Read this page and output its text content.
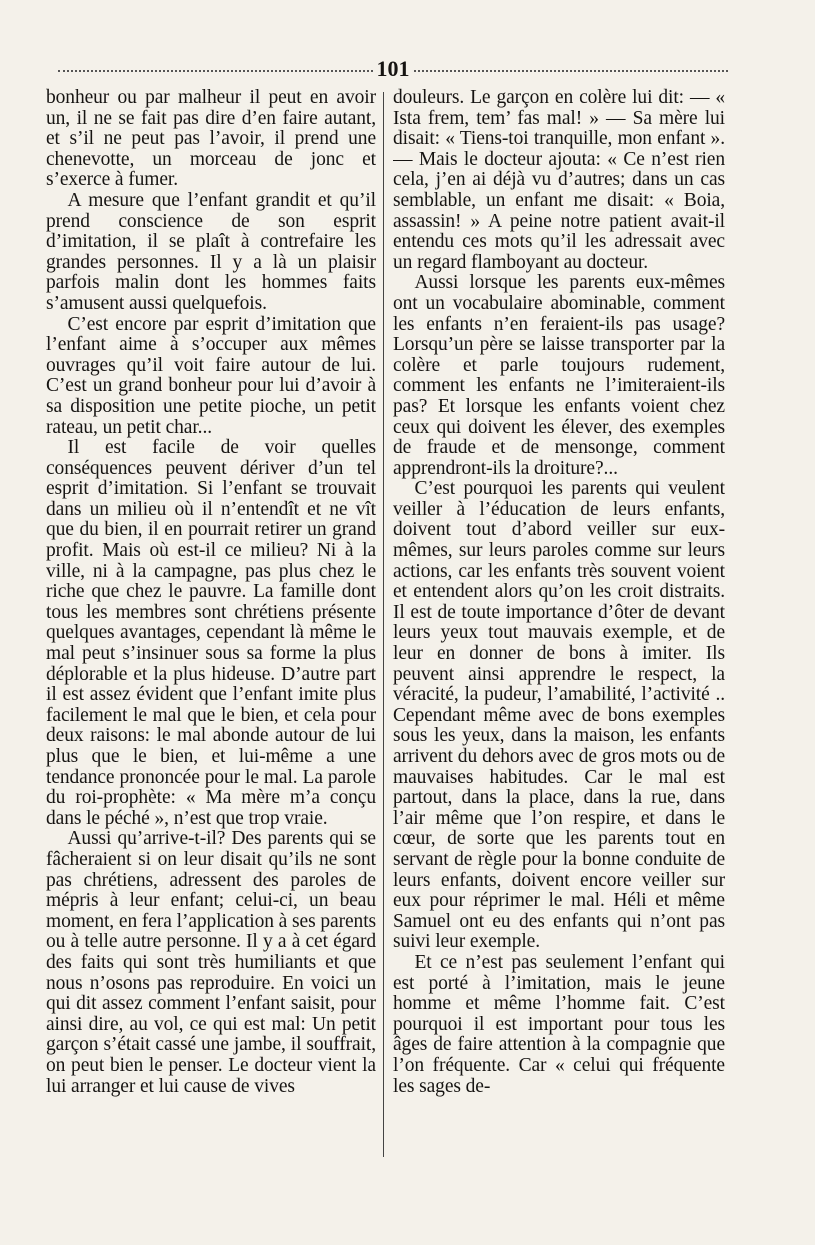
101

bonheur ou par malheur il peut en avoir un, il ne se fait pas dire d’en faire autant, et s’il ne peut pas l’avoir, il prend une chenevotte, un morceau de jonc et s’exerce à fumer.

A mesure que l’enfant grandit et qu’il prend conscience de son esprit d’imitation, il se plaît à contrefaire les grandes personnes. Il y a là un plaisir parfois malin dont les hommes faits s’amusent aussi quelquefois.

C’est encore par esprit d’imitation que l’enfant aime à s’occuper aux mêmes ouvrages qu’il voit faire autour de lui. C’est un grand bonheur pour lui d’avoir à sa disposition une petite pioche, un petit rateau, un petit char...

Il est facile de voir quelles conséquences peuvent dériver d’un tel esprit d’imitation. Si l’enfant se trouvait dans un milieu où il n’entendît et ne vît que du bien, il en pourrait retirer un grand profit. Mais où est-il ce milieu? Ni à la ville, ni à la campagne, pas plus chez le riche que chez le pauvre. La famille dont tous les membres sont chrétiens présente quelques avantages, cependant là même le mal peut s’insinuer sous sa forme la plus déplorable et la plus hideuse. D’autre part il est assez évident que l’enfant imite plus facilement le mal que le bien, et cela pour deux raisons: le mal abonde autour de lui plus que le bien, et lui-même a une tendance prononcée pour le mal. La parole du roi-prophète: « Ma mère m’a conçu dans le péché », n’est que trop vraie.

Aussi qu’arrive-t-il? Des parents qui se fâcheraient si on leur disait qu’ils ne sont pas chrétiens, adressent des paroles de mépris à leur enfant; celui-ci, un beau moment, en fera l’application à ses parents ou à telle autre personne. Il y a à cet égard des faits qui sont très humiliants et que nous n’osons pas reproduire. En voici un qui dit assez comment l’enfant saisit, pour ainsi dire, au vol, ce qui est mal: Un petit garçon s’était cassé une jambe, il souffrait, on peut bien le penser. Le docteur vient la lui arranger et lui cause de vives

douleurs. Le garçon en colère lui dit: — « Ista frem, tem’ fas mal! » — Sa mère lui disait: « Tiens-toi tranquille, mon enfant ». — Mais le docteur ajouta: « Ce n’est rien cela, j’en ai déjà vu d’autres; dans un cas semblable, un enfant me disait: « Boia, assassin! » A peine notre patient avait-il entendu ces mots qu’il les adressait avec un regard flamboyant au docteur.

Aussi lorsque les parents eux-mêmes ont un vocabulaire abominable, comment les enfants n’en feraient-ils pas usage? Lorsqu’un père se laisse transporter par la colère et parle toujours rudement, comment les enfants ne l’imiteraient-ils pas? Et lorsque les enfants voient chez ceux qui doivent les élever, des exemples de fraude et de mensonge, comment apprendront-ils la droiture?...

C’est pourquoi les parents qui veulent veiller à l’éducation de leurs enfants, doivent tout d’abord veiller sur eux-mêmes, sur leurs paroles comme sur leurs actions, car les enfants très souvent voient et entendent alors qu’on les croit distraits. Il est de toute importance d’ôter de devant leurs yeux tout mauvais exemple, et de leur en donner de bons à imiter. Ils peuvent ainsi apprendre le respect, la véracité, la pudeur, l’amabilité, l’activité .. Cependant même avec de bons exemples sous les yeux, dans la maison, les enfants arrivent du dehors avec de gros mots ou de mauvaises habitudes. Car le mal est partout, dans la place, dans la rue, dans l’air même que l’on respire, et dans le cœur, de sorte que les parents tout en servant de règle pour la bonne conduite de leurs enfants, doivent encore veiller sur eux pour réprimer le mal. Héli et même Samuel ont eu des enfants qui n’ont pas suivi leur exemple.

Et ce n’est pas seulement l’enfant qui est porté à l’imitation, mais le jeune homme et même l’homme fait. C’est pourquoi il est important pour tous les âges de faire attention à la compagnie que l’on fréquente. Car « celui qui fréquente les sages de-
